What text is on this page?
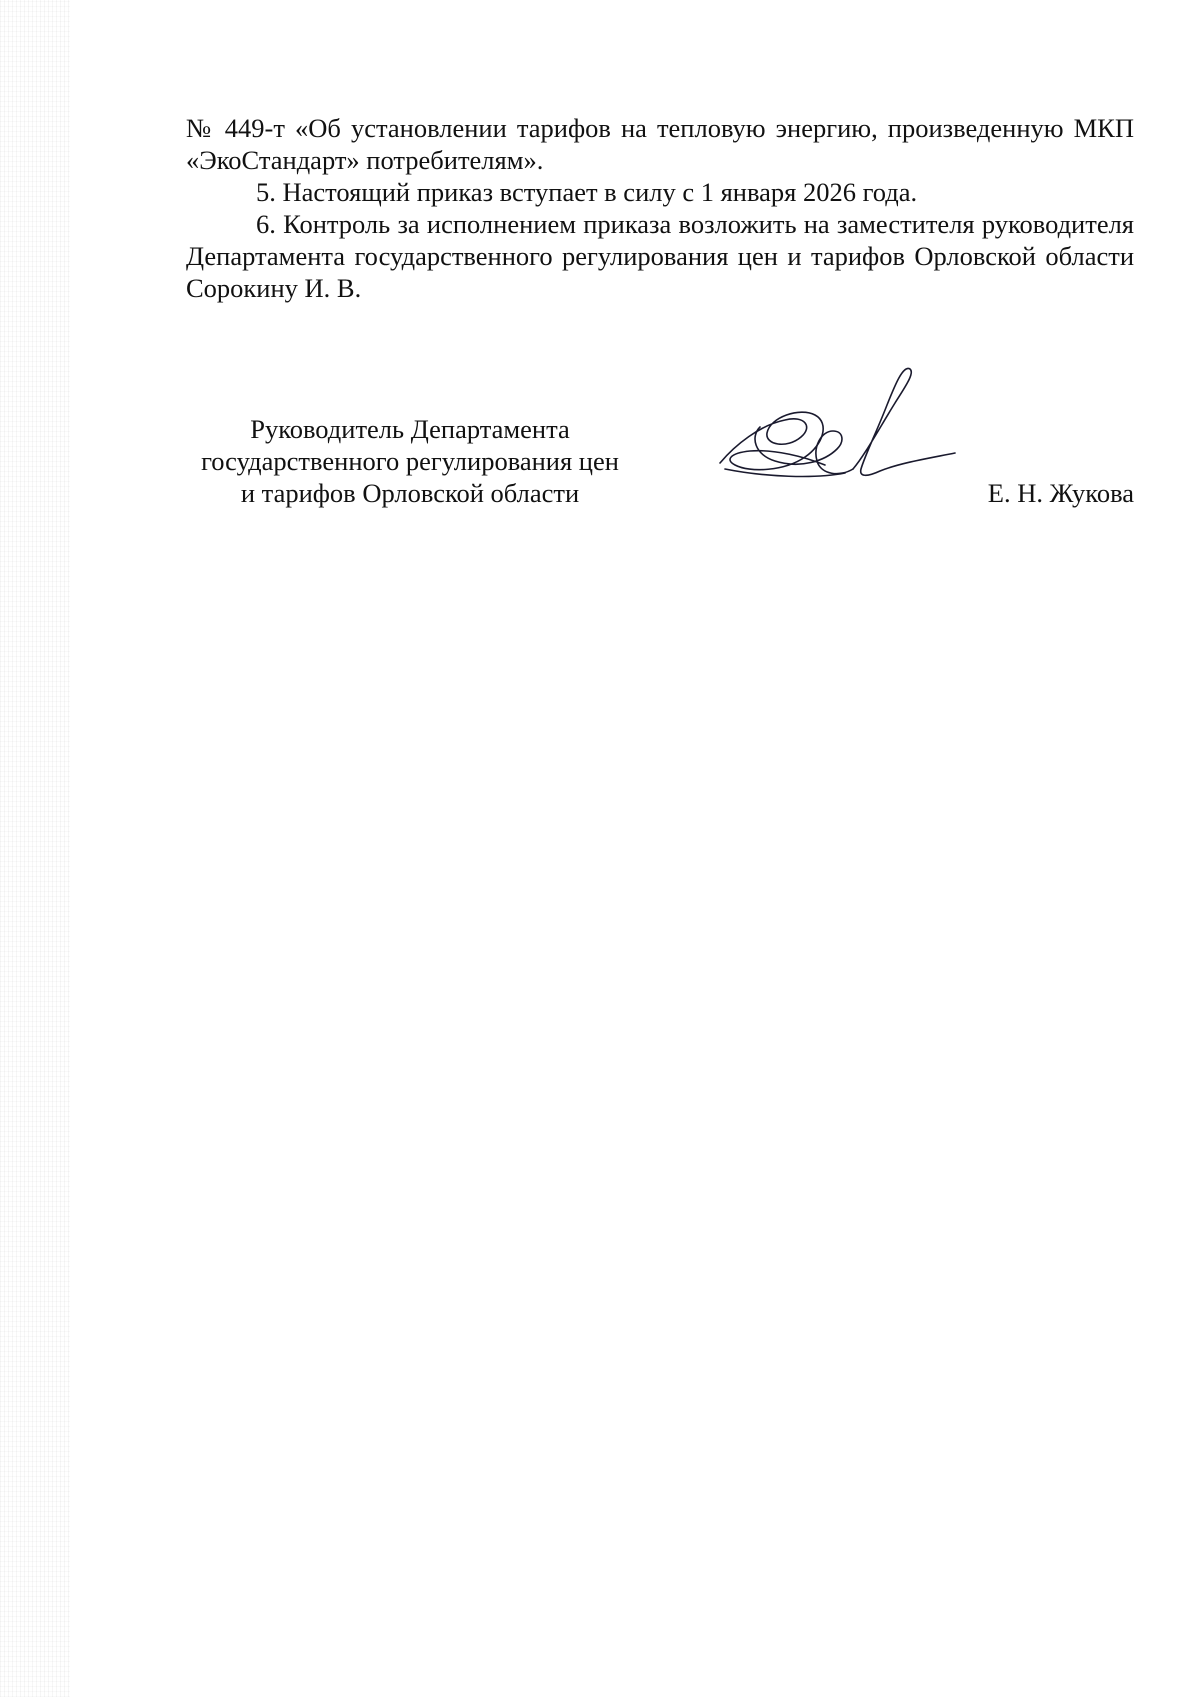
№ 449-т «Об установлении тарифов на тепловую энергию, произведенную МКП «ЭкоСтандарт» потребителям».

5. Настоящий приказ вступает в силу с 1 января 2026 года.

6. Контроль за исполнением приказа возложить на заместителя руководителя Департамента государственного регулирования цен и тарифов Орловской области Сорокину И. В.

Руководитель Департамента
государственного регулирования цен
и тарифов Орловской области	Е. Н. Жукова
